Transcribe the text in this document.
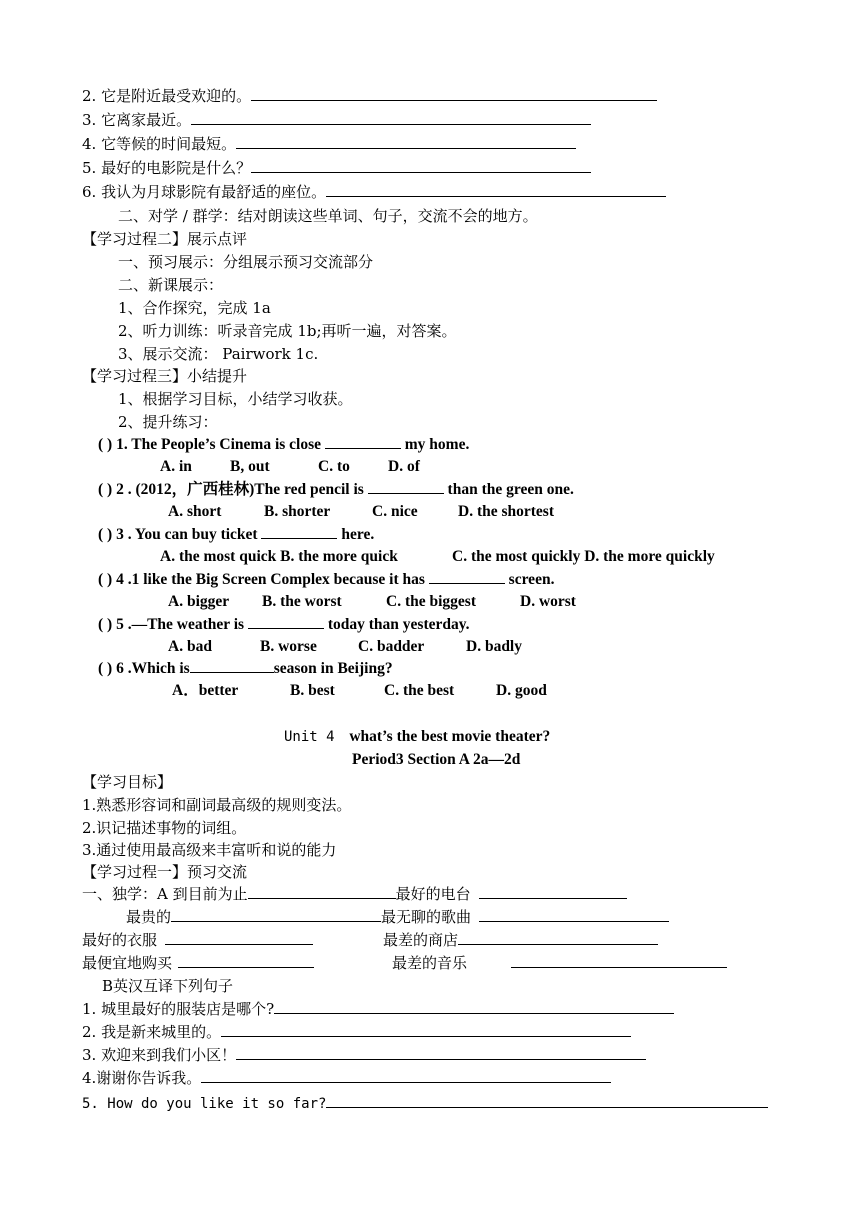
2. 它是附近最受欢迎的。
3. 它离家最近。
4. 它等候的时间最短。
5. 最好的电影院是什么？
6. 我认为月球影院有最舒适的座位。
二、对学 / 群学：结对朗读这些单词、句子，交流不会的地方。
【学习过程二】展示点评
一、预习展示：分组展示预习交流部分
二、新课展示：
1、合作探究，完成 1a
2、听力训练：听录音完成 1b;再听一遍，对答案。
3、展示交流： Pairwork 1c.
【学习过程三】小结提升
1、根据学习目标，小结学习收获。
2、提升练习：
( ) 1. The People’s Cinema is close	my home.
A. in B, out	C. to D. of
( ) 2 . (2012，广西桂林)The red pencil is	than the green one.
A. short	B. shorter	C. nice	D. the shortest
( ) 3 . You can buy ticket	here.
A. the most quick B. the more quick	C. the most quickly D. the more quickly
( ) 4 .1 like the Big Screen Complex because it has	screen.
A. bigger B. the worst	C. the biggest	D. worst
( ) 5 .—The weather is	today than yesterday.
A. bad	B. worse	C. badder	D. badly
( ) 6 .Which is	season in Beijing?
A．better	B. best	C. the best	D. good
Unit 4 what’s the best movie theater?
Period3 Section A 2a—2d
【学习目标】
1.熟悉形容词和副词最高级的规则变法。
2.识记描述事物的词组。
3.通过使用最高级来丰富听和说的能力
【学习过程一】预习交流
一、独学：A 到目前为止	最好的电台
最贵的	最无聊的歌曲
最好的衣服	最差的商店
最便宜地购买	最差的音乐
B英汉互译下列句子
1. 城里最好的服装店是哪个?
2. 我是新来城里的。
3. 欢迎来到我们小区！
4.谢谢你告诉我。
5. How do you like it so far?
